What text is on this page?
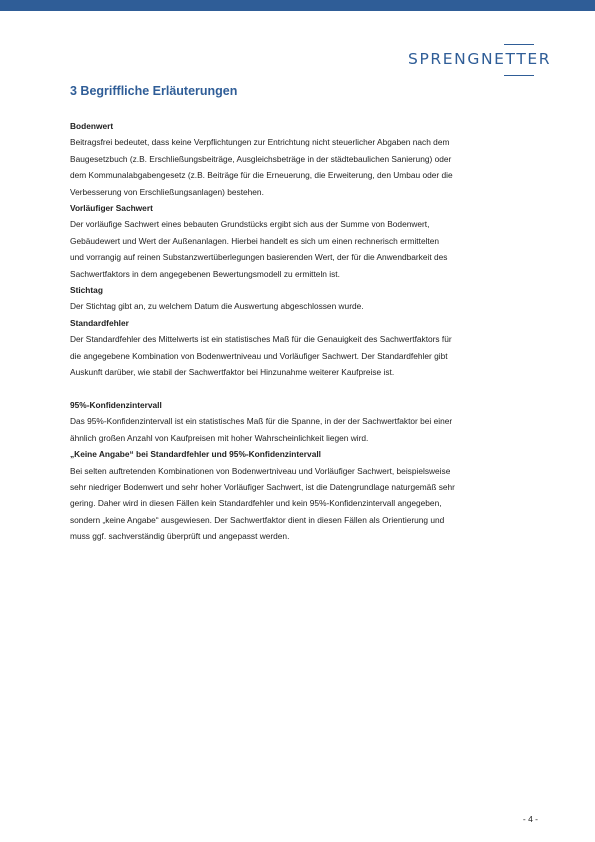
SPRENGNETTER
3 Begriffliche Erläuterungen
Bodenwert
Beitragsfrei bedeutet, dass keine Verpflichtungen zur Entrichtung nicht steuerlicher Abgaben nach dem
Baugesetzbuch (z.B. Erschließungsbeiträge, Ausgleichsbeträge in der städtebaulichen Sanierung) oder
dem Kommunalabgabengesetz (z.B. Beiträge für die Erneuerung, die Erweiterung, den Umbau oder die
Verbesserung von Erschließungsanlagen) bestehen.
Vorläufiger Sachwert
Der vorläufige Sachwert eines bebauten Grundstücks ergibt sich aus der Summe von Bodenwert,
Gebäudewert und Wert der Außenanlagen. Hierbei handelt es sich um einen rechnerisch ermittelten
und vorrangig auf reinen Substanzwertüberlegungen basierenden Wert, der für die Anwendbarkeit des
Sachwertfaktors in dem angegebenen Bewertungsmodell zu ermitteln ist.
Stichtag
Der Stichtag gibt an, zu welchem Datum die Auswertung abgeschlossen wurde.
Standardfehler
Der Standardfehler des Mittelwerts ist ein statistisches Maß für die Genauigkeit des Sachwertfaktors für
die angegebene Kombination von Bodenwertniveau und Vorläufiger Sachwert. Der Standardfehler gibt
Auskunft darüber, wie stabil der Sachwertfaktor bei Hinzunahme weiterer Kaufpreise ist.
95%-Konfidenzintervall
Das 95%-Konfidenzintervall ist ein statistisches Maß für die Spanne, in der der Sachwertfaktor bei einer
ähnlich großen Anzahl von Kaufpreisen mit hoher Wahrscheinlichkeit liegen wird.
„Keine Angabe“ bei Standardfehler und 95%-Konfidenzintervall
Bei selten auftretenden Kombinationen von Bodenwertniveau und Vorläufiger Sachwert, beispielsweise
sehr niedriger Bodenwert und sehr hoher Vorläufiger Sachwert, ist die Datengrundlage naturgemäß sehr
gering. Daher wird in diesen Fällen kein Standardfehler und kein 95%-Konfidenzintervall angegeben,
sondern „keine Angabe“ ausgewiesen. Der Sachwertfaktor dient in diesen Fällen als Orientierung und
muss ggf. sachverständig überprüft und angepasst werden.
- 4 -
